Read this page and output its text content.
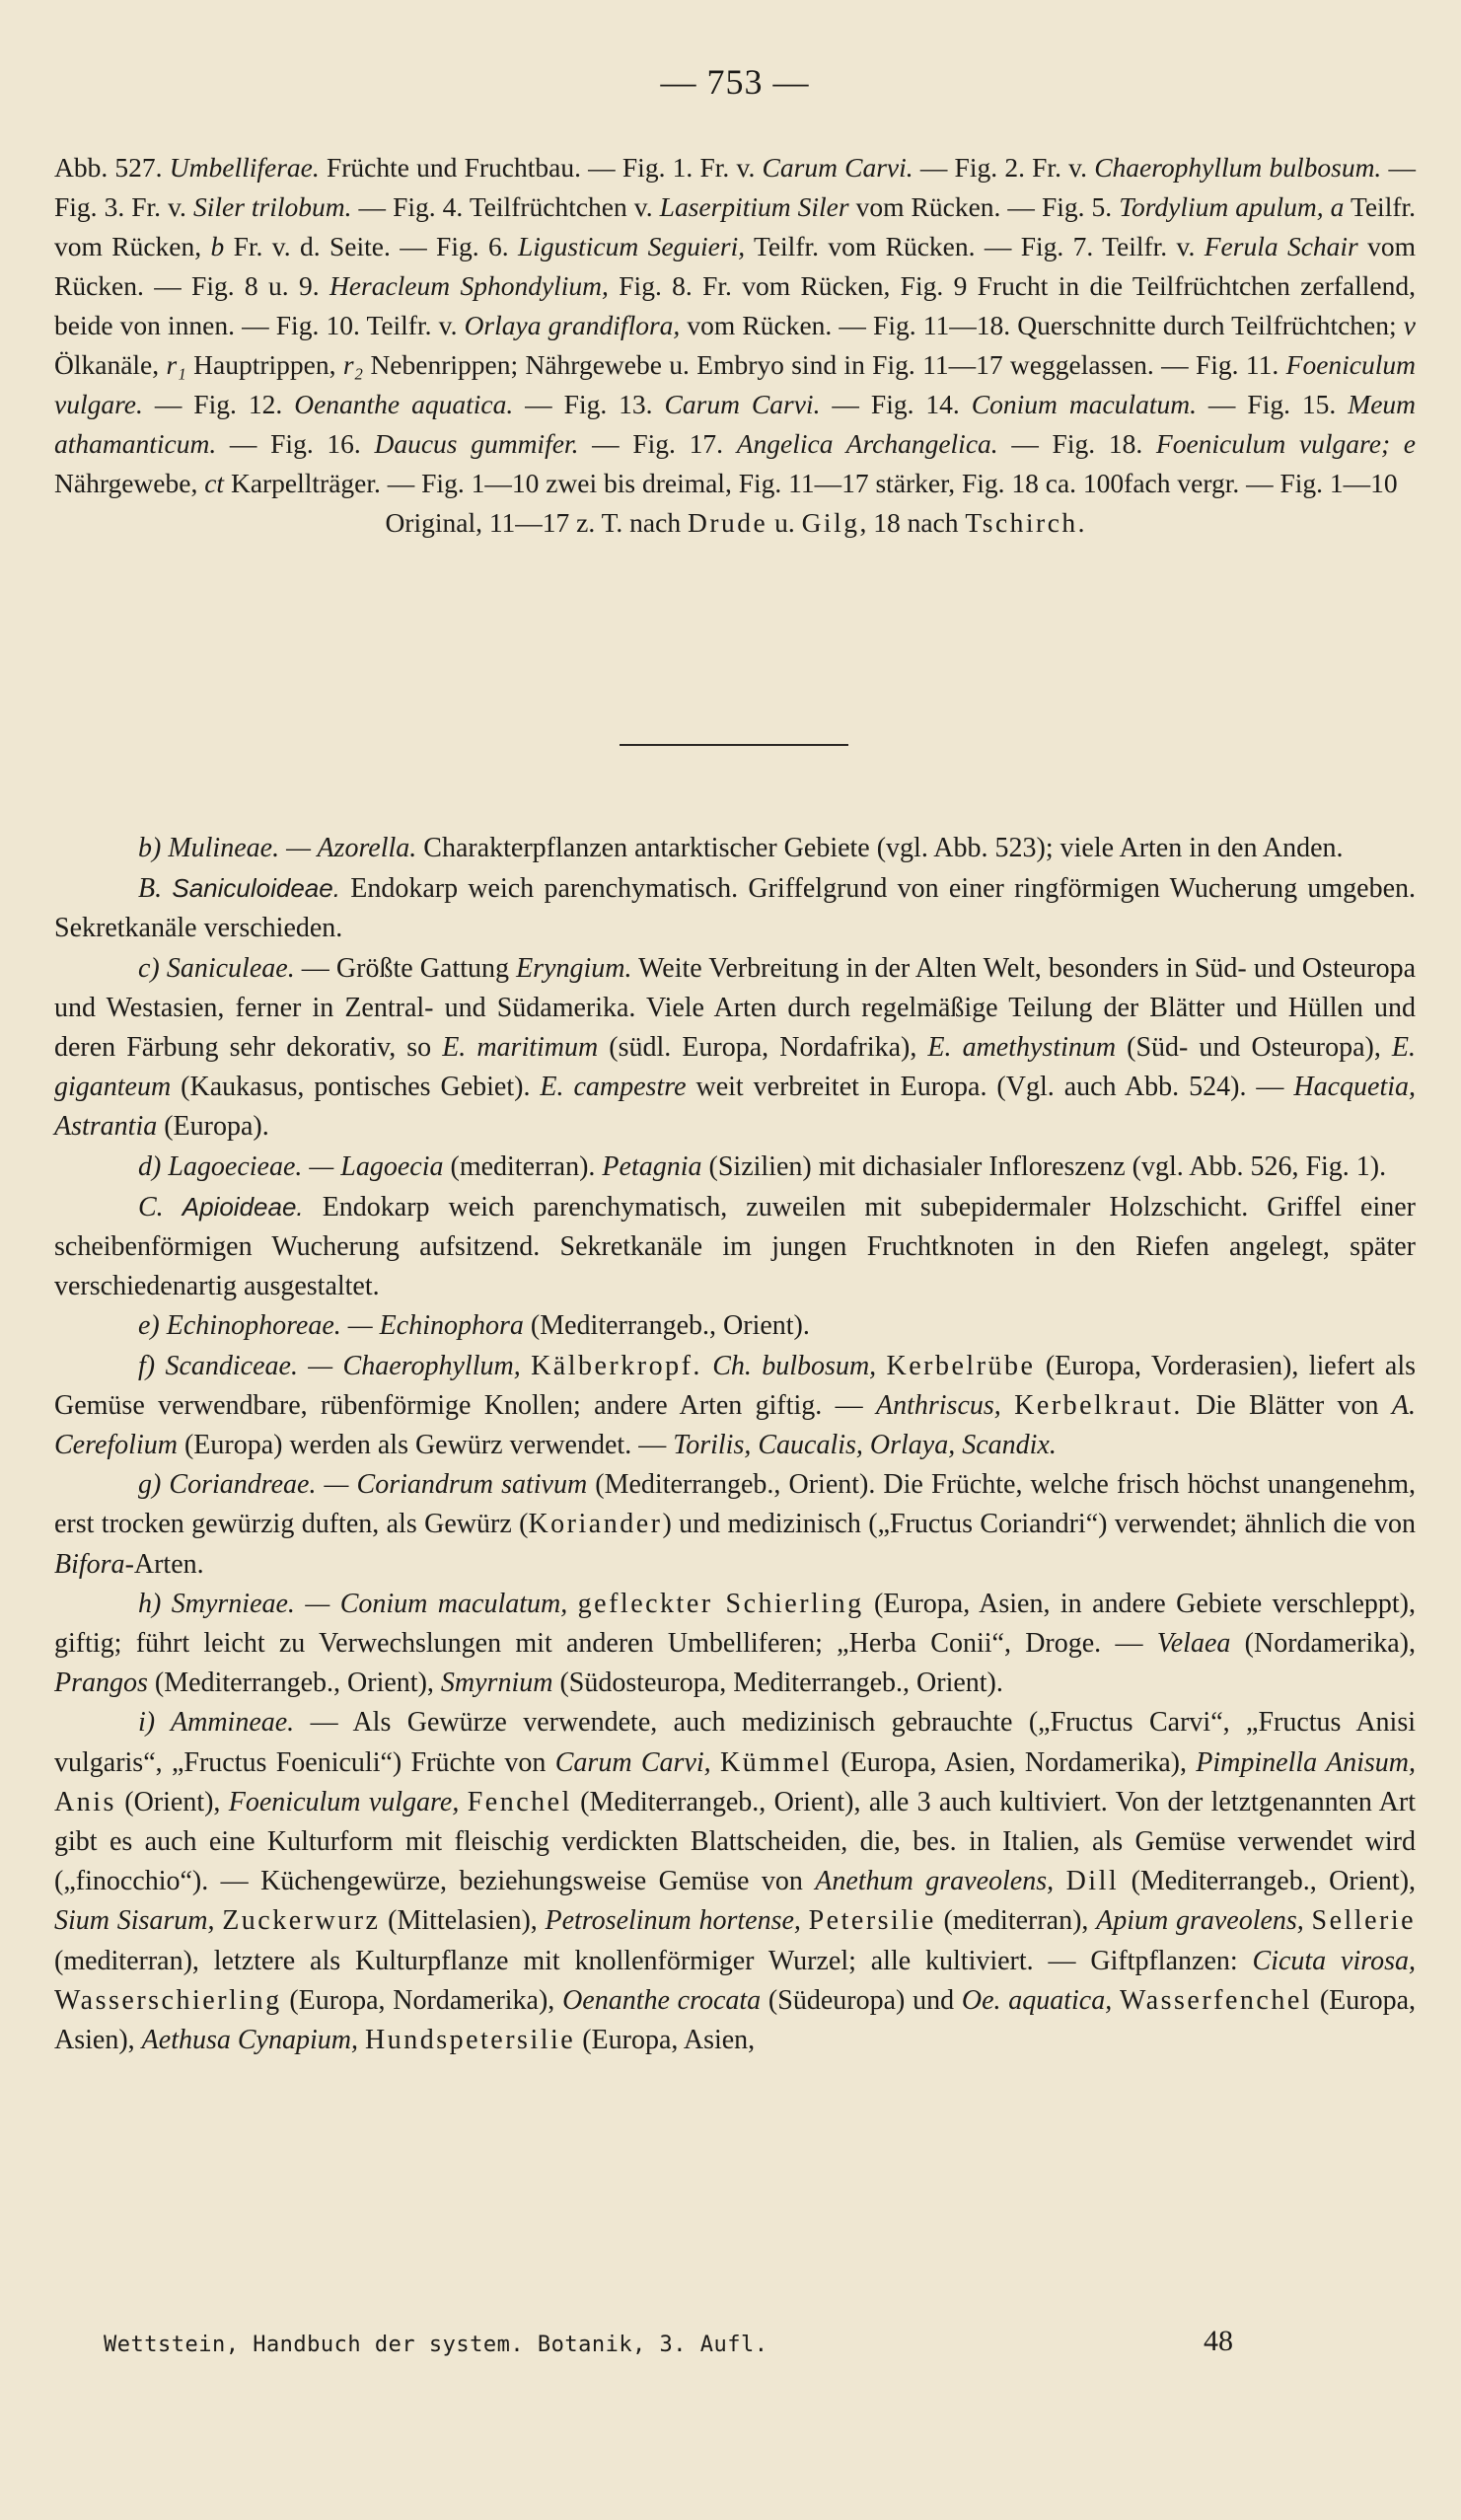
— 753 —
Abb. 527. Umbelliferae. Früchte und Fruchtbau. — Fig. 1. Fr. v. Carum Carvi. — Fig. 2. Fr. v. Chaerophyllum bulbosum. — Fig. 3. Fr. v. Siler trilobum. — Fig. 4. Teilfrüchtchen v. Laserpitium Siler vom Rücken. — Fig. 5. Tordylium apulum, a Teilfr. vom Rücken, b Fr. v. d. Seite. — Fig. 6. Ligusticum Seguieri, Teilfr. vom Rücken. — Fig. 7. Teilfr. v. Ferula Schair vom Rücken. — Fig. 8 u. 9. Heracleum Sphondylium, Fig. 8. Fr. vom Rücken, Fig. 9 Frucht in die Teilfrüchtchen zerfallend, beide von innen. — Fig. 10. Teilfr. v. Orlaya grandiflora, vom Rücken. — Fig. 11—18. Querschnitte durch Teilfrüchtchen; v Ölkanäle, r₁ Hauptrippen, r₂ Nebenrippen; Nährgewebe u. Embryo sind in Fig. 11—17 weggelassen. — Fig. 11. Foeniculum vulgare. — Fig. 12. Oenanthe aquatica. — Fig. 13. Carum Carvi. — Fig. 14. Conium maculatum. — Fig. 15. Meum athamanticum. — Fig. 16. Daucus gummifer. — Fig. 17. Angelica Archangelica. — Fig. 18. Foeniculum vulgare; e Nährgewebe, ct Karpellträger. — Fig. 1—10 zwei bis dreimal, Fig. 11—17 stärker, Fig. 18 ca. 100fach vergr. — Fig. 1—10
Original, 11—17 z. T. nach Drude u. Gilg, 18 nach Tschirch.

b) Mulineae. — Azorella. Charakterpflanzen antarktischer Gebiete (vgl. Abb. 523); viele Arten in den Anden.

B. Saniculoideae. Endokarp weich parenchymatisch. Griffelgrund von einer ringförmigen Wucherung umgeben. Sekretkanäle verschieden.

c) Saniculeae. — Größte Gattung Eryngium. Weite Verbreitung in der Alten Welt, besonders in Süd- und Osteuropa und Westasien, ferner in Zentral- und Südamerika. Viele Arten durch regelmäßige Teilung der Blätter und Hüllen und deren Färbung sehr dekorativ, so E. maritimum (südl. Europa, Nordafrika), E. amethystinum (Süd- und Osteuropa), E. giganteum (Kaukasus, pontisches Gebiet). E. campestre weit verbreitet in Europa. (Vgl. auch Abb. 524). — Hacquetia, Astrantia (Europa).

d) Lagoecieae. — Lagoecia (mediterran). Petagnia (Sizilien) mit dichasialer Infloreszenz (vgl. Abb. 526, Fig. 1).

C. Apioideae. Endokarp weich parenchymatisch, zuweilen mit subepidermaler Holzschicht. Griffel einer scheibenförmigen Wucherung aufsitzend. Sekretkanäle im jungen Fruchtknoten in den Riefen angelegt, später verschiedenartig ausgestaltet.

e) Echinophoreae. — Echinophora (Mediterrangeb., Orient).

f) Scandiceae. — Chaerophyllum, Kälberkropf. Ch. bulbosum, Kerbelrübe (Europa, Vorderasien), liefert als Gemüse verwendbare, rübenförmige Knollen; andere Arten giftig. — Anthriscus, Kerbelkraut. Die Blätter von A. Cerefolium (Europa) werden als Gewürz verwendet. — Torilis, Caucalis, Orlaya, Scandix.

g) Coriandreae. — Coriandrum sativum (Mediterrangeb., Orient). Die Früchte, welche frisch höchst unangenehm, erst trocken gewürzig duften, als Gewürz (Koriander) und medizinisch („Fructus Coriandri“) verwendet; ähnlich die von Bifora-Arten.

h) Smyrnieae. — Conium maculatum, gefleckter Schierling (Europa, Asien, in andere Gebiete verschleppt), giftig; führt leicht zu Verwechslungen mit anderen Umbelliferen; „Herba Conii“, Droge. — Velaea (Nordamerika), Prangos (Mediterrangeb., Orient), Smyrnium (Südosteuropa, Mediterrangeb., Orient).

i) Ammineae. — Als Gewürze verwendete, auch medizinisch gebrauchte („Fructus Carvi“, „Fructus Anisi vulgaris“, „Fructus Foeniculi“) Früchte von Carum Carvi, Kümmel (Europa, Asien, Nordamerika), Pimpinella Anisum, Anis (Orient), Foeniculum vulgare, Fenchel (Mediterrangeb., Orient), alle 3 auch kultiviert. Von der letztgenannten Art gibt es auch eine Kulturform mit fleischig verdickten Blattscheiden, die, bes. in Italien, als Gemüse verwendet wird („finocchio“). — Küchengewürze, beziehungsweise Gemüse von Anethum graveolens, Dill (Mediterrangeb., Orient), Sium Sisarum, Zuckerwurz (Mittelasien), Petroselinum hortense, Petersilie (mediterran), Apium graveolens, Sellerie (mediterran), letztere als Kulturpflanze mit knollenförmiger Wurzel; alle kultiviert. — Giftpflanzen: Cicuta virosa, Wasserschierling (Europa, Nordamerika), Oenanthe crocata (Südeuropa) und Oe. aquatica, Wasserfenchel (Europa, Asien), Aethusa Cynapium, Hundspetersilie (Europa, Asien,

Wettstein, Handbuch der system. Botanik, 3. Aufl.	48
